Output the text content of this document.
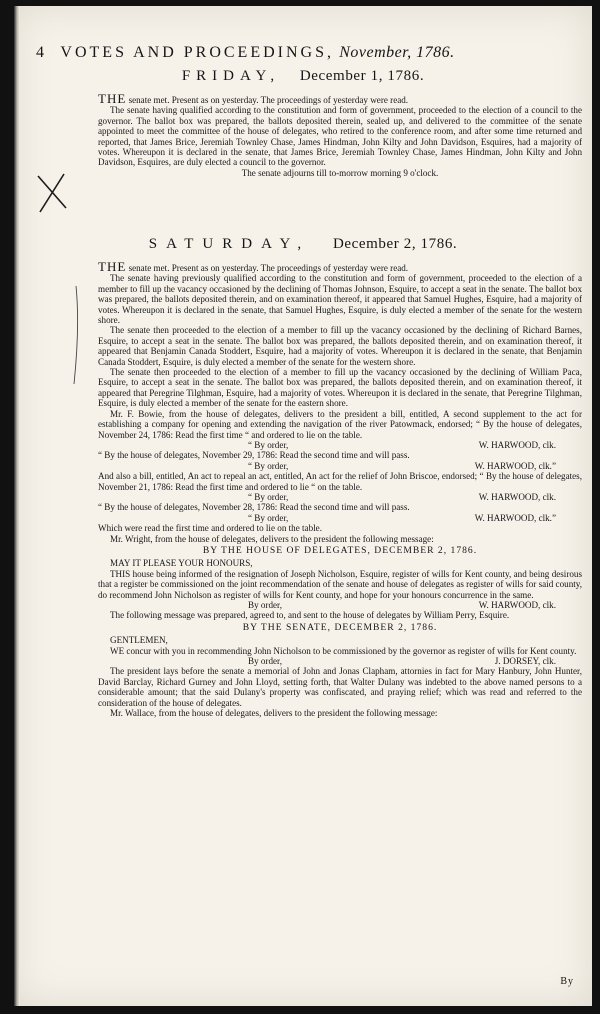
4 VOTES AND PROCEEDINGS, November, 1786.
FRIDAY, December 1, 1786.

THE senate met. Present as on yesterday. The proceedings of yesterday were read.

The senate having qualified according to the constitution and form of government, proceeded to the election of a council to the governor. The ballot box was prepared, the ballots deposited therein, sealed up, and delivered to the committee of the senate appointed to meet the committee of the house of delegates, who retired to the conference room, and after some time returned and reported, that James Brice, Jeremiah Townley Chase, James Hindman, John Kilty and John Davidson, Esquires, had a majority of votes. Whereupon it is declared in the senate, that James Brice, Jeremiah Townley Chase, James Hindman, John Kilty and John Davidson, Esquires, are duly elected a council to the governor.

The senate adjourns till to-morrow morning 9 o'clock.

SATURDAY, December 2, 1786.

THE senate met. Present as on yesterday. The proceedings of yesterday were read.

The senate having previously qualified according to the constitution and form of government, proceeded to the election of a member to fill up the vacancy occasioned by the declining of Thomas Johnson, Esquire, to accept a seat in the senate. The ballot box was prepared, the ballots deposited therein, and on examination thereof, it appeared that Samuel Hughes, Esquire, had a majority of votes. Whereupon it is declared in the senate, that Samuel Hughes, Esquire, is duly elected a member of the senate for the western shore.

The senate then proceeded to the election of a member to fill up the vacancy occasioned by the declining of Richard Barnes, Esquire, to accept a seat in the senate. The ballot box was prepared, the ballots deposited therein, and on examination thereof, it appeared that Benjamin Canada Stoddert, Esquire, had a majority of votes. Whereupon it is declared in the senate, that Benjamin Canada Stoddert, Esquire, is duly elected a member of the senate for the western shore.

The senate then proceeded to the election of a member to fill up the vacancy occasioned by the declining of William Paca, Esquire, to accept a seat in the senate. The ballot box was prepared, the ballots deposited therein, and on examination thereof, it appeared that Peregrine Tilghman, Esquire, had a majority of votes. Whereupon it is declared in the senate, that Peregrine Tilghman, Esquire, is duly elected a member of the senate for the eastern shore.

Mr. F. Bowie, from the house of delegates, delivers to the president a bill, entitled, A second supplement to the act for establishing a company for opening and extending the navigation of the river Patowmack, endorsed; “ By the house of delegates, November 24, 1786: Read the first time “ and ordered to lie on the table.

“ By order,	W. HARWOOD, clk.

“ By the house of delegates, November 29, 1786: Read the second time and will pass.

“ By order,	W. HARWOOD, clk.”

And also a bill, entitled, An act to repeal an act, entitled, An act for the relief of John Briscoe, endorsed; “ By the house of delegates, November 21, 1786: Read the first time and ordered to lie “ on the table.

“ By order,	W. HARWOOD, clk.

“ By the house of delegates, November 28, 1786: Read the second time and will pass.

“ By order,	W. HARWOOD, clk.”

Which were read the first time and ordered to lie on the table.

Mr. Wright, from the house of delegates, delivers to the president the following message:

BY THE HOUSE OF DELEGATES, DECEMBER 2, 1786.

MAY IT PLEASE YOUR HONOURS,

THIS house being informed of the resignation of Joseph Nicholson, Esquire, register of wills for Kent county, and being desirous that a register be commissioned on the joint recommendation of the senate and house of delegates as register of wills for said county, do recommend John Nicholson as register of wills for Kent county, and hope for your honours concurrence in the same.

By order,	W. HARWOOD, clk.

The following message was prepared, agreed to, and sent to the house of delegates by William Perry, Esquire.

BY THE SENATE, DECEMBER 2, 1786.

GENTLEMEN,

WE concur with you in recommending John Nicholson to be commissioned by the governor as register of wills for Kent county.

By order,	J. DORSEY, clk.

The president lays before the senate a memorial of John and Jonas Clapham, attornies in fact for Mary Hanbury, John Hunter, David Barclay, Richard Gurney and John Lloyd, setting forth, that Walter Dulany was indebted to the above named persons to a considerable amount; that the said Dulany's property was confiscated, and praying relief; which was read and referred to the consideration of the house of delegates.

Mr. Wallace, from the house of delegates, delivers to the president the following message:

By
